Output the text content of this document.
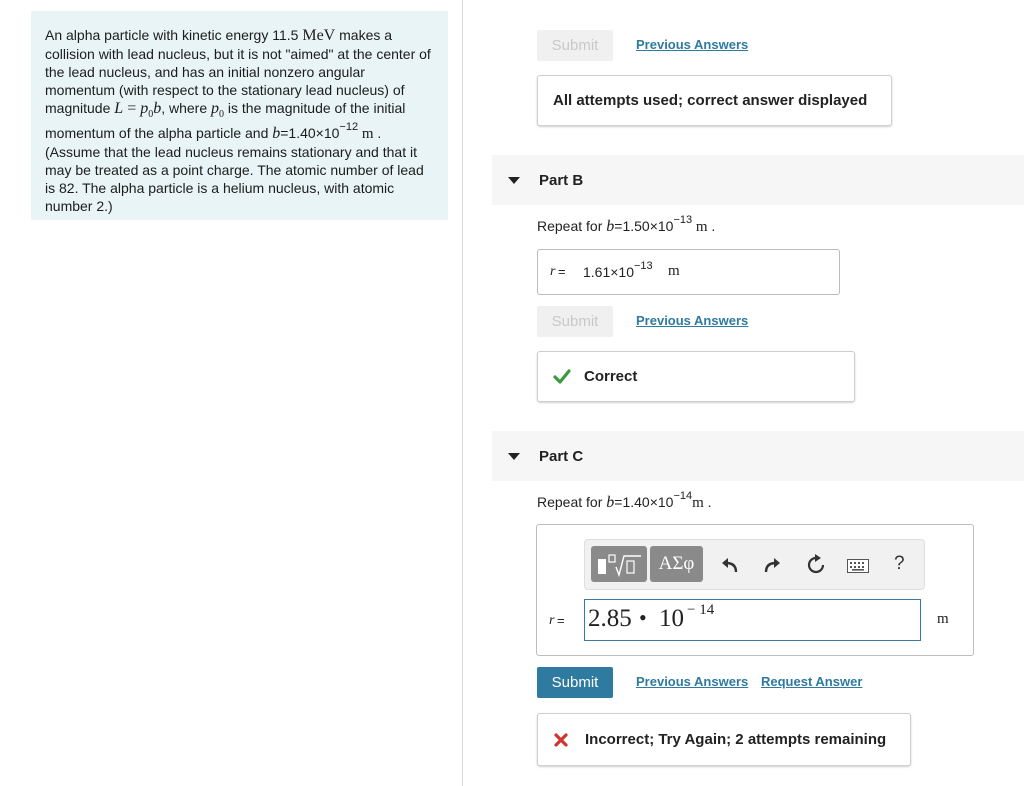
An alpha particle with kinetic energy 11.5 MeV makes a collision with lead nucleus, but it is not "aimed" at the center of the lead nucleus, and has an initial nonzero angular momentum (with respect to the stationary lead nucleus) of magnitude $L = p_0b$, where $p_0$ is the magnitude of the initial momentum of the alpha particle and $b=1.40\times 10^{-12}$ m . (Assume that the lead nucleus remains stationary and that it may be treated as a point charge. The atomic number of lead is 82. The alpha particle is a helium nucleus, with atomic number 2.)
Submit	Previous Answers
All attempts used; correct answer displayed
Part B
Repeat for $b=1.50\times 10^{-13}$ m .
$r = 1.61\times 10^{-13}$ m
Submit	Previous Answers
Correct
Part C
Repeat for $b=1.40\times 10^{-14}m$ .
ΑΣφ	?
r = 2.85 • 10 − 14
m
Submit	Previous Answers Request Answer
Incorrect; Try Again; 2 attempts remaining
